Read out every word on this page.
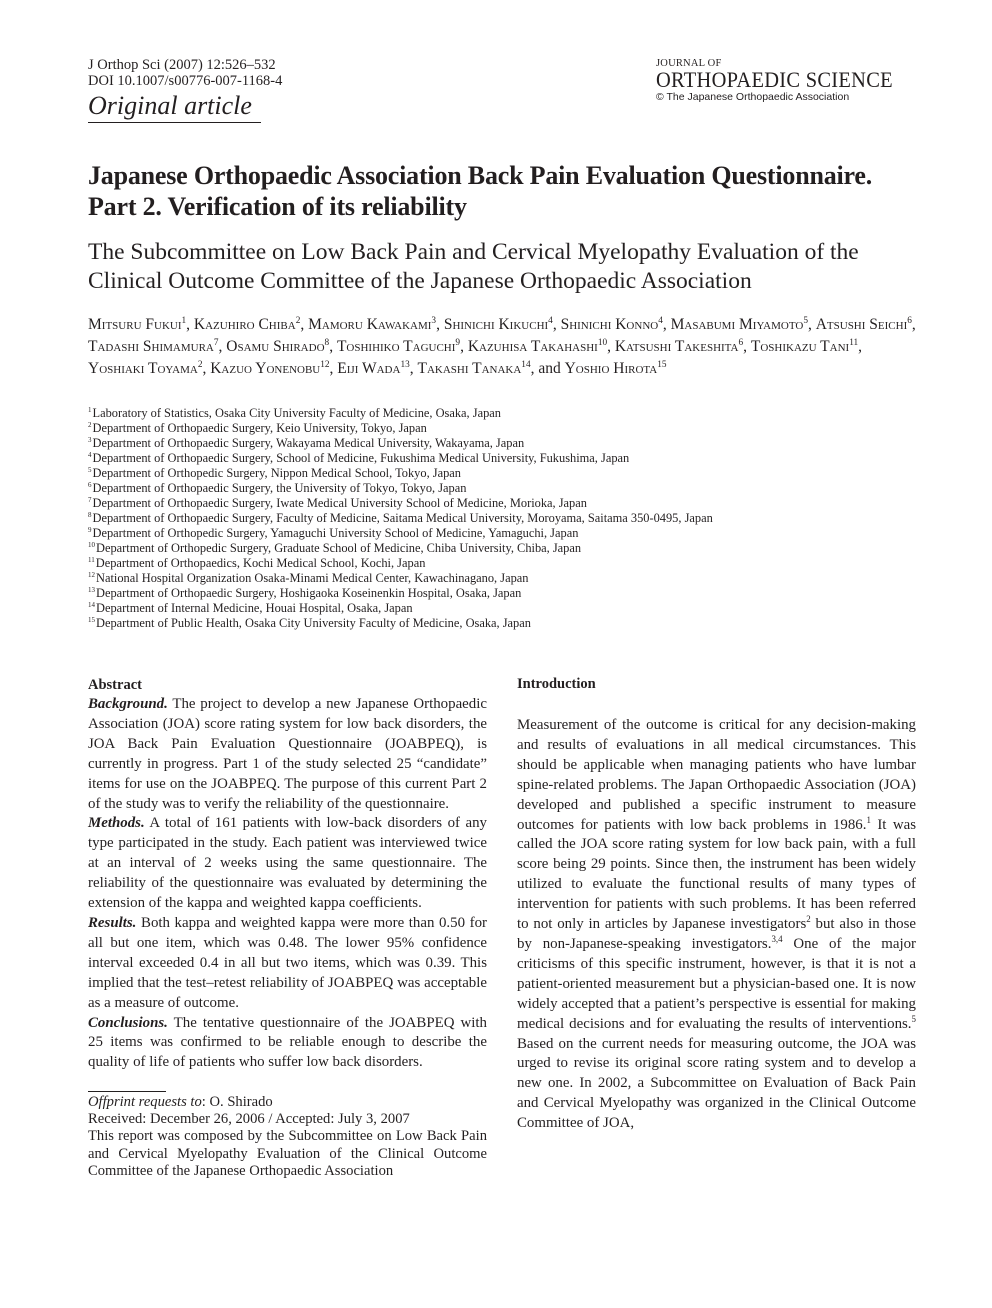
J Orthop Sci (2007) 12:526–532
DOI 10.1007/s00776-007-1168-4
Original article
JOURNAL OF
ORTHOPAEDIC SCIENCE
© The Japanese Orthopaedic Association
Japanese Orthopaedic Association Back Pain Evaluation Questionnaire. Part 2. Verification of its reliability
The Subcommittee on Low Back Pain and Cervical Myelopathy Evaluation of the Clinical Outcome Committee of the Japanese Orthopaedic Association
Mitsuru Fukui$^1$, Kazuhiro Chiba$^2$, Mamoru Kawakami$^3$, Shinichi Kikuchi$^4$, Shinichi Konno$^4$, Masabumi Miyamoto$^5$, Atsushi Seichi$^6$, Tadashi Shimamura$^7$, Osamu Shirado$^8$, Toshihiko Taguchi$^9$, Kazuhisa Takahashi$^{10}$, Katsushi Takeshita$^6$, Toshikazu Tani$^{11}$, Yoshiaki Toyama$^2$, Kazuo Yonenobu$^{12}$, Eiji Wada$^{13}$, Takashi Tanaka$^{14}$, and Yoshio Hirota$^{15}$
$^1$Laboratory of Statistics, Osaka City University Faculty of Medicine, Osaka, Japan
$^2$Department of Orthopaedic Surgery, Keio University, Tokyo, Japan
$^3$Department of Orthopaedic Surgery, Wakayama Medical University, Wakayama, Japan
$^4$Department of Orthopaedic Surgery, School of Medicine, Fukushima Medical University, Fukushima, Japan
$^5$Department of Orthopedic Surgery, Nippon Medical School, Tokyo, Japan
$^6$Department of Orthopaedic Surgery, the University of Tokyo, Tokyo, Japan
$^7$Department of Orthopaedic Surgery, Iwate Medical University School of Medicine, Morioka, Japan
$^8$Department of Orthopaedic Surgery, Faculty of Medicine, Saitama Medical University, Moroyama, Saitama 350-0495, Japan
$^9$Department of Orthopedic Surgery, Yamaguchi University School of Medicine, Yamaguchi, Japan
$^{10}$Department of Orthopedic Surgery, Graduate School of Medicine, Chiba University, Chiba, Japan
$^{11}$Department of Orthopaedics, Kochi Medical School, Kochi, Japan
$^{12}$National Hospital Organization Osaka-Minami Medical Center, Kawachinagano, Japan
$^{13}$Department of Orthopaedic Surgery, Hoshigaoka Koseinenkin Hospital, Osaka, Japan
$^{14}$Department of Internal Medicine, Houai Hospital, Osaka, Japan
$^{15}$Department of Public Health, Osaka City University Faculty of Medicine, Osaka, Japan
Abstract

Background. The project to develop a new Japanese Orthopaedic Association (JOA) score rating system for low back disorders, the JOA Back Pain Evaluation Questionnaire (JOABPEQ), is currently in progress. Part 1 of the study selected 25 “candidate” items for use on the JOABPEQ. The purpose of this current Part 2 of the study was to verify the reliability of the questionnaire.

Methods. A total of 161 patients with low-back disorders of any type participated in the study. Each patient was interviewed twice at an interval of 2 weeks using the same questionnaire. The reliability of the questionnaire was evaluated by determining the extension of the kappa and weighted kappa coefficients.

Results. Both kappa and weighted kappa were more than 0.50 for all but one item, which was 0.48. The lower 95% confidence interval exceeded 0.4 in all but two items, which was 0.39. This implied that the test–retest reliability of JOABPEQ was acceptable as a measure of outcome.

Conclusions. The tentative questionnaire of the JOABPEQ with 25 items was confirmed to be reliable enough to describe the quality of life of patients who suffer low back disorders.

Offprint requests to: O. Shirado

Received: December 26, 2006 / Accepted: July 3, 2007

This report was composed by the Subcommittee on Low Back Pain and Cervical Myelopathy Evaluation of the Clinical Outcome Committee of the Japanese Orthopaedic Association

Introduction

Measurement of the outcome is critical for any decision-making and results of evaluations in all medical circumstances. This should be applicable when managing patients who have lumbar spine-related problems. The Japan Orthopaedic Association (JOA) developed and published a specific instrument to measure outcomes for patients with low back problems in 1986.$^1$ It was called the JOA score rating system for low back pain, with a full score being 29 points. Since then, the instrument has been widely utilized to evaluate the functional results of many types of intervention for patients with such problems. It has been referred to not only in articles by Japanese investigators$^2$ but also in those by non-Japanese-speaking investigators.$^{3,4}$ One of the major criticisms of this specific instrument, however, is that it is not a patient-oriented measurement but a physician-based one. It is now widely accepted that a patient’s perspective is essential for making medical decisions and for evaluating the results of interventions.$^5$ Based on the current needs for measuring outcome, the JOA was urged to revise its original score rating system and to develop a new one. In 2002, a Subcommittee on Evaluation of Back Pain and Cervical Myelopathy was organized in the Clinical Outcome Committee of JOA,
